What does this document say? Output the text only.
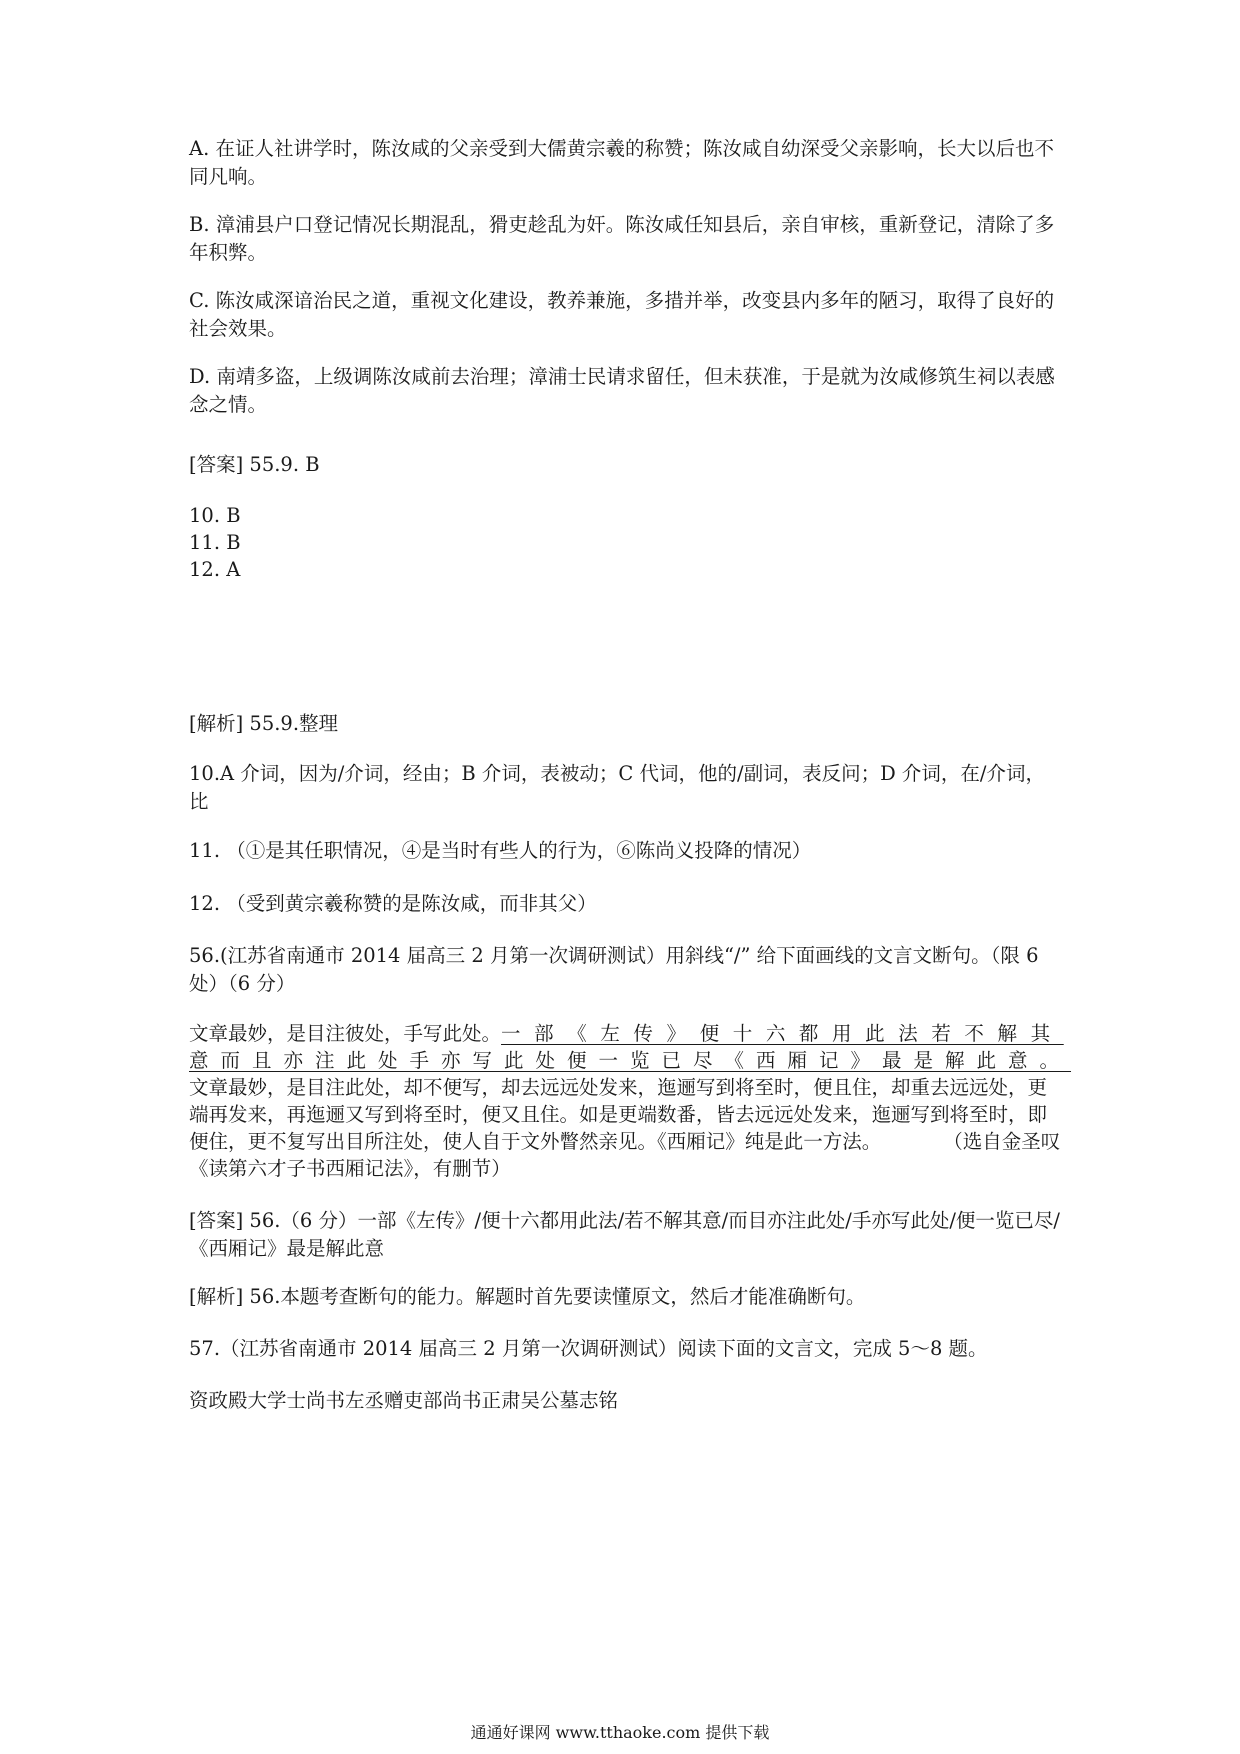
A. 在证人社讲学时，陈汝咸的父亲受到大儒黄宗羲的称赞；陈汝咸自幼深受父亲影响，长大以后也不同凡响。

B. 漳浦县户口登记情况长期混乱，猾吏趁乱为奸。陈汝咸任知县后，亲自审核，重新登记，清除了多年积弊。

C. 陈汝咸深谙治民之道，重视文化建设，教养兼施，多措并举，改变县内多年的陋习，取得了良好的社会效果。

D. 南靖多盗，上级调陈汝咸前去治理；漳浦士民请求留任，但未获准，于是就为汝咸修筑生祠以表感念之情。

[答案] 55.9. B
10. B
11. B
12. A
[解析] 55.9.整理

10.A 介词，因为/介词，经由；B 介词，表被动；C 代词，他的/副词，表反问；D 介词，在/介词，比

11. （①是其任职情况，④是当时有些人的行为，⑥陈尚义投降的情况）

12. （受到黄宗羲称赞的是陈汝咸，而非其父）

56.(江苏省南通市 2014 届高三 2 月第一次调研测试）用斜线“/” 给下面画线的文言文断句。（限 6 处）（6 分）

文章最妙，是目注彼处，手写此处。一部《左传》便十六都用此法若不解其
意而且亦注此处手亦写此处便一览已尽《西厢记》最是解此意。
文章最妙，是目注此处，却不便写，却去远远处发来，迤逦写到将至时，便且住，却重去远远处，更端再发来，再迤逦又写到将至时，便又且住。如是更端数番，皆去远远处发来，迤逦写到将至时，即便住，更不复写出目所注处，使人自于文外瞥然亲见。《西厢记》纯是此一方法。	（选自金圣叹《读第六才子书西厢记法》，有删节）

[答案] 56.（6 分）一部《左传》/便十六都用此法/若不解其意/而目亦注此处/手亦写此处/便一览已尽/《西厢记》最是解此意

[解析] 56.本题考查断句的能力。解题时首先要读懂原文，然后才能准确断句。

57.（江苏省南通市 2014 届高三 2 月第一次调研测试）阅读下面的文言文，完成 5～8 题。

资政殿大学士尚书左丞赠吏部尚书正肃吴公墓志铭

通通好课网 www.tthaoke.com 提供下载
